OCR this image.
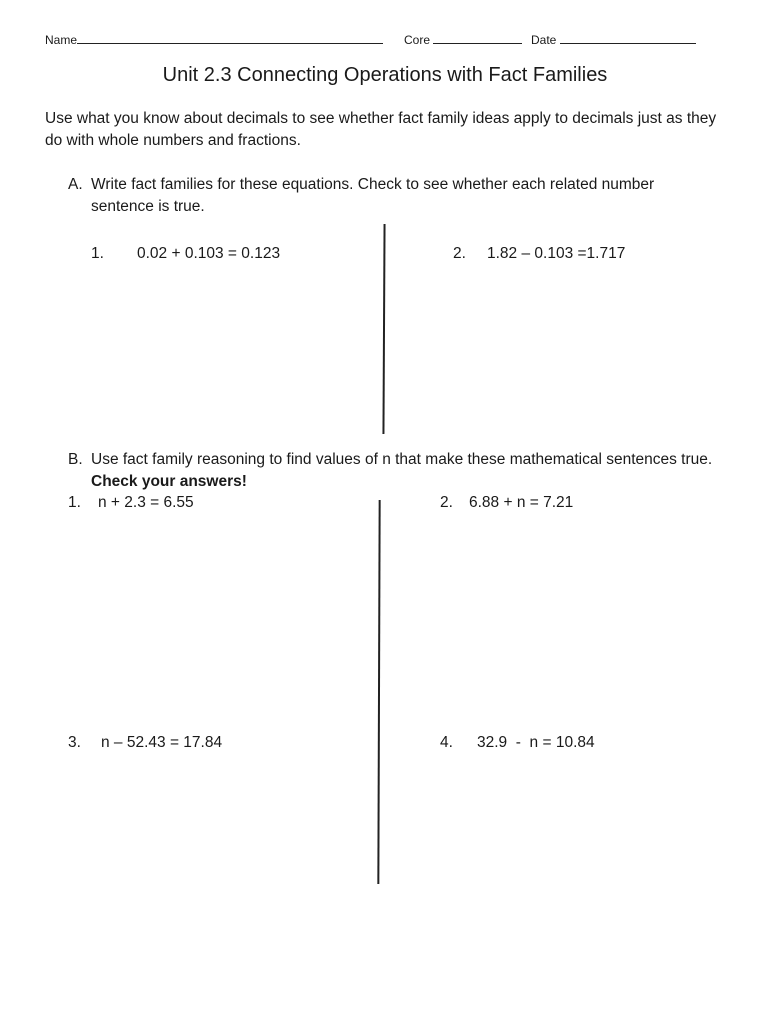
Name	Core	Date
Unit 2.3 Connecting Operations with Fact Families
Use what you know about decimals to see whether fact family ideas apply to decimals just as they do with whole numbers and fractions.
A. Write fact families for these equations. Check to see whether each related number sentence is true.
1. 0.02 + 0.103 = 0.123	2. 1.82 – 0.103 =1.717
B. Use fact family reasoning to find values of n that make these mathematical sentences true. Check your answers!
1. n + 2.3 = 6.55	2. 6.88 + n = 7.21
3. n – 52.43 = 17.84	4. 32.9  -  n = 10.84
